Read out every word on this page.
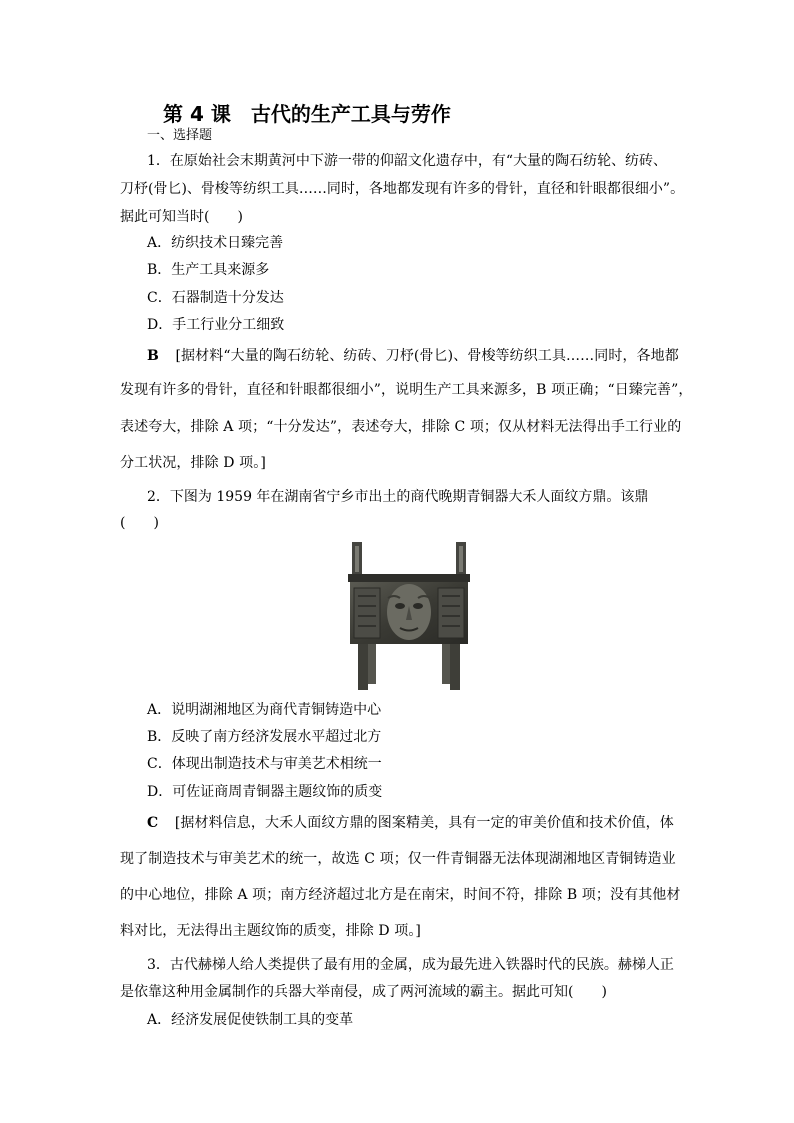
第 4 课　古代的生产工具与劳作
一、选择题
1．在原始社会末期黄河中下游一带的仰韶文化遗存中，有“大量的陶石纺轮、纺砖、
刀杼(骨匕)、骨梭等纺织工具……同时，各地都发现有许多的骨针，直径和针眼都很细小”。
据此可知当时(　　)
A．纺织技术日臻完善
B．生产工具来源多
C．石器制造十分发达
D．手工行业分工细致
B [据材料“大量的陶石纺轮、纺砖、刀杼(骨匕)、骨梭等纺织工具……同时，各地都
发现有许多的骨针，直径和针眼都很细小”，说明生产工具来源多，B 项正确；“日臻完善”，
表述夸大，排除 A 项；“十分发达”，表述夸大，排除 C 项；仅从材料无法得出手工行业的
分工状况，排除 D 项。]
2．下图为 1959 年在湖南省宁乡市出土的商代晚期青铜器大禾人面纹方鼎。该鼎
(　　)
A．说明湖湘地区为商代青铜铸造中心
B．反映了南方经济发展水平超过北方
C．体现出制造技术与审美艺术相统一
D．可佐证商周青铜器主题纹饰的质变
C [据材料信息，大禾人面纹方鼎的图案精美，具有一定的审美价值和技术价值，体
现了制造技术与审美艺术的统一，故选 C 项；仅一件青铜器无法体现湖湘地区青铜铸造业
的中心地位，排除 A 项；南方经济超过北方是在南宋，时间不符，排除 B 项；没有其他材
料对比，无法得出主题纹饰的质变，排除 D 项。]
3．古代赫梯人给人类提供了最有用的金属，成为最先进入铁器时代的民族。赫梯人正
是依靠这种用金属制作的兵器大举南侵，成了两河流域的霸主。据此可知(　　)
A．经济发展促使铁制工具的变革
